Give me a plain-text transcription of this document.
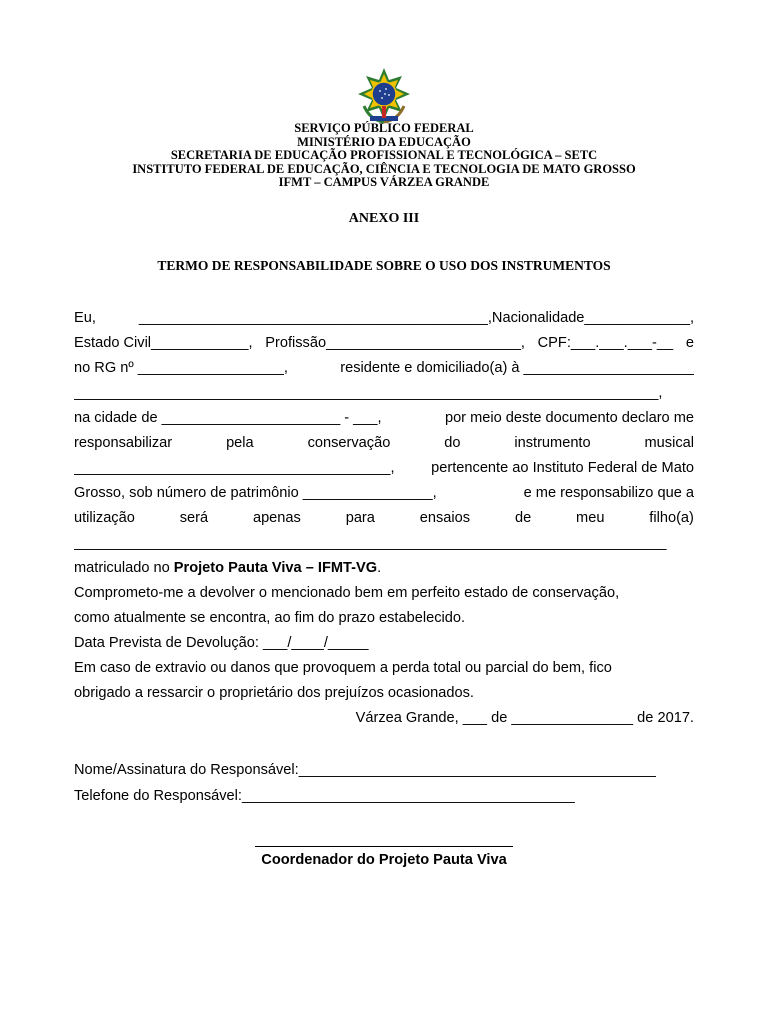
SERVIÇO PÚBLICO FEDERAL
MINISTÉRIO DA EDUCAÇÃO
SECRETARIA DE EDUCAÇÃO PROFISSIONAL E TECNOLÓGICA – SETC
INSTITUTO FEDERAL DE EDUCAÇÃO, CIÊNCIA E TECNOLOGIA DE MATO GROSSO
IFMT – CAMPUS VÁRZEA GRANDE
ANEXO III
TERMO DE RESPONSABILIDADE SOBRE O USO DOS INSTRUMENTOS
Eu,	___________________________________________,Nacionalidade_____________,
Estado Civil____________, Profissão________________________, CPF:___.___.___-__ e
no RG nº __________________,	residente e domiciliado(a) à _____________________
________________________________________________________________________,
na cidade de ______________________ - ___,	por meio deste documento declaro me
responsabilizar	pela	conservação	do	instrumento	musical
_______________________________________,	pertencente ao Instituto Federal de Mato
Grosso, sob número de patrimônio ________________,	e me responsabilizo que a
utilização	será	apenas	para	ensaios	de	meu	filho(a)
_________________________________________________________________________
matriculado no Projeto Pauta Viva – IFMT-VG.
Comprometo-me a devolver o mencionado bem em perfeito estado de conservação,
como atualmente se encontra, ao fim do prazo estabelecido.
Data Prevista de Devolução: ___/____/_____
Em caso de extravio ou danos que provoquem a perda total ou parcial do bem, fico
obrigado a ressarcir o proprietário dos prejuízos ocasionados.
Várzea Grande, ___ de _______________ de 2017.
Nome/Assinatura do Responsável:____________________________________________
Telefone do Responsável:_________________________________________
Coordenador do Projeto Pauta Viva
